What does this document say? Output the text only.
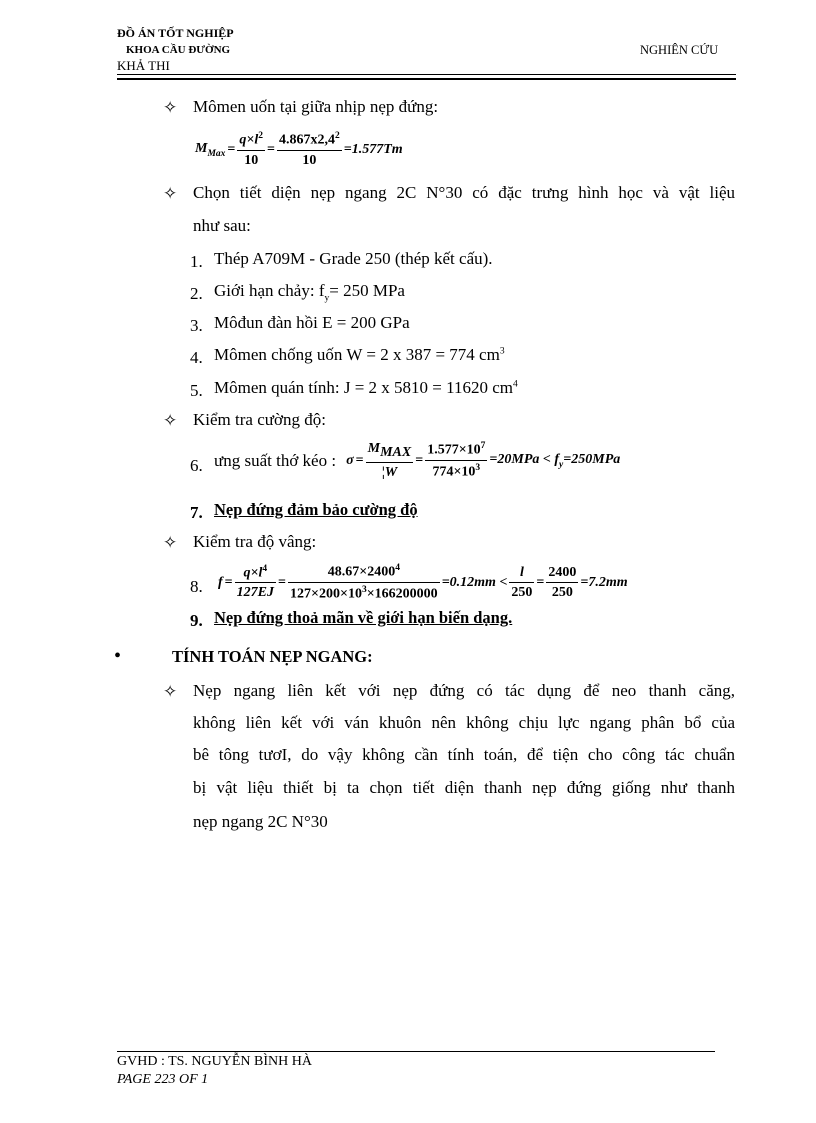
ĐỒ ÁN TỐT NGHIỆP
KHOA CẦU ĐƯỜNG	NGHIÊN CỨU
KHẢ THI
✧ Mômen uốn tại giữa nhịp nẹp đứng:
$M_{Max} = \frac{q\times l^2}{10} = \frac{4.867x2,4^2}{10} =1.577Tm$
✧ Chọn tiết diện nẹp ngang 2C N°30 có đặc trưng hình học và vật liệu
như sau:
1. Thép A709M - Grade 250 (thép kết cấu).
2. Giới hạn chảy: $f_y= 250$ MPa
3. Môđun đàn hồi E = 200 GPa
4. Mômen chống uốn W = 2 x 387 = 774 $cm^3$
5. Mômen quán tính: J = 2 x 5810 = 11620 $cm^4$
✧ Kiểm tra cường độ:
6. ưng suất thớ kéo : $\sigma = \frac{M_{MAX}}{¦W} = \frac{1.577\times 10^7}{774\times 10^3} =20MPa < f_y=250MPa$
7. Nẹp đứng đảm bảo cường độ
✧ Kiểm tra độ vâng:
8. $f = \frac{q\times l^4}{127EJ} = \frac{48.67\times 2400^4}{127\times 200\times 10^3\times 166200000} =0.12mm < \frac{l}{250} = \frac{2400}{250} =7.2mm$
9. Nẹp đứng thoả mãn về giới hạn biến dạng.
•	TÍNH TOÁN NẸP NGANG:
✧ Nẹp ngang liên kết với nẹp đứng có tác dụng để neo thanh căng,
không liên kết với ván khuôn nên không chịu lực ngang phân bổ của
bê tông tươI, do vậy không cần tính toán, để tiện cho công tác chuẩn
bị vật liệu thiết bị ta chọn tiết diện thanh nẹp đứng giống như thanh
nẹp ngang 2C N°30
GVHD : TS. NGUYỄN BÌNH HÀ
PAGE 223 OF 1
